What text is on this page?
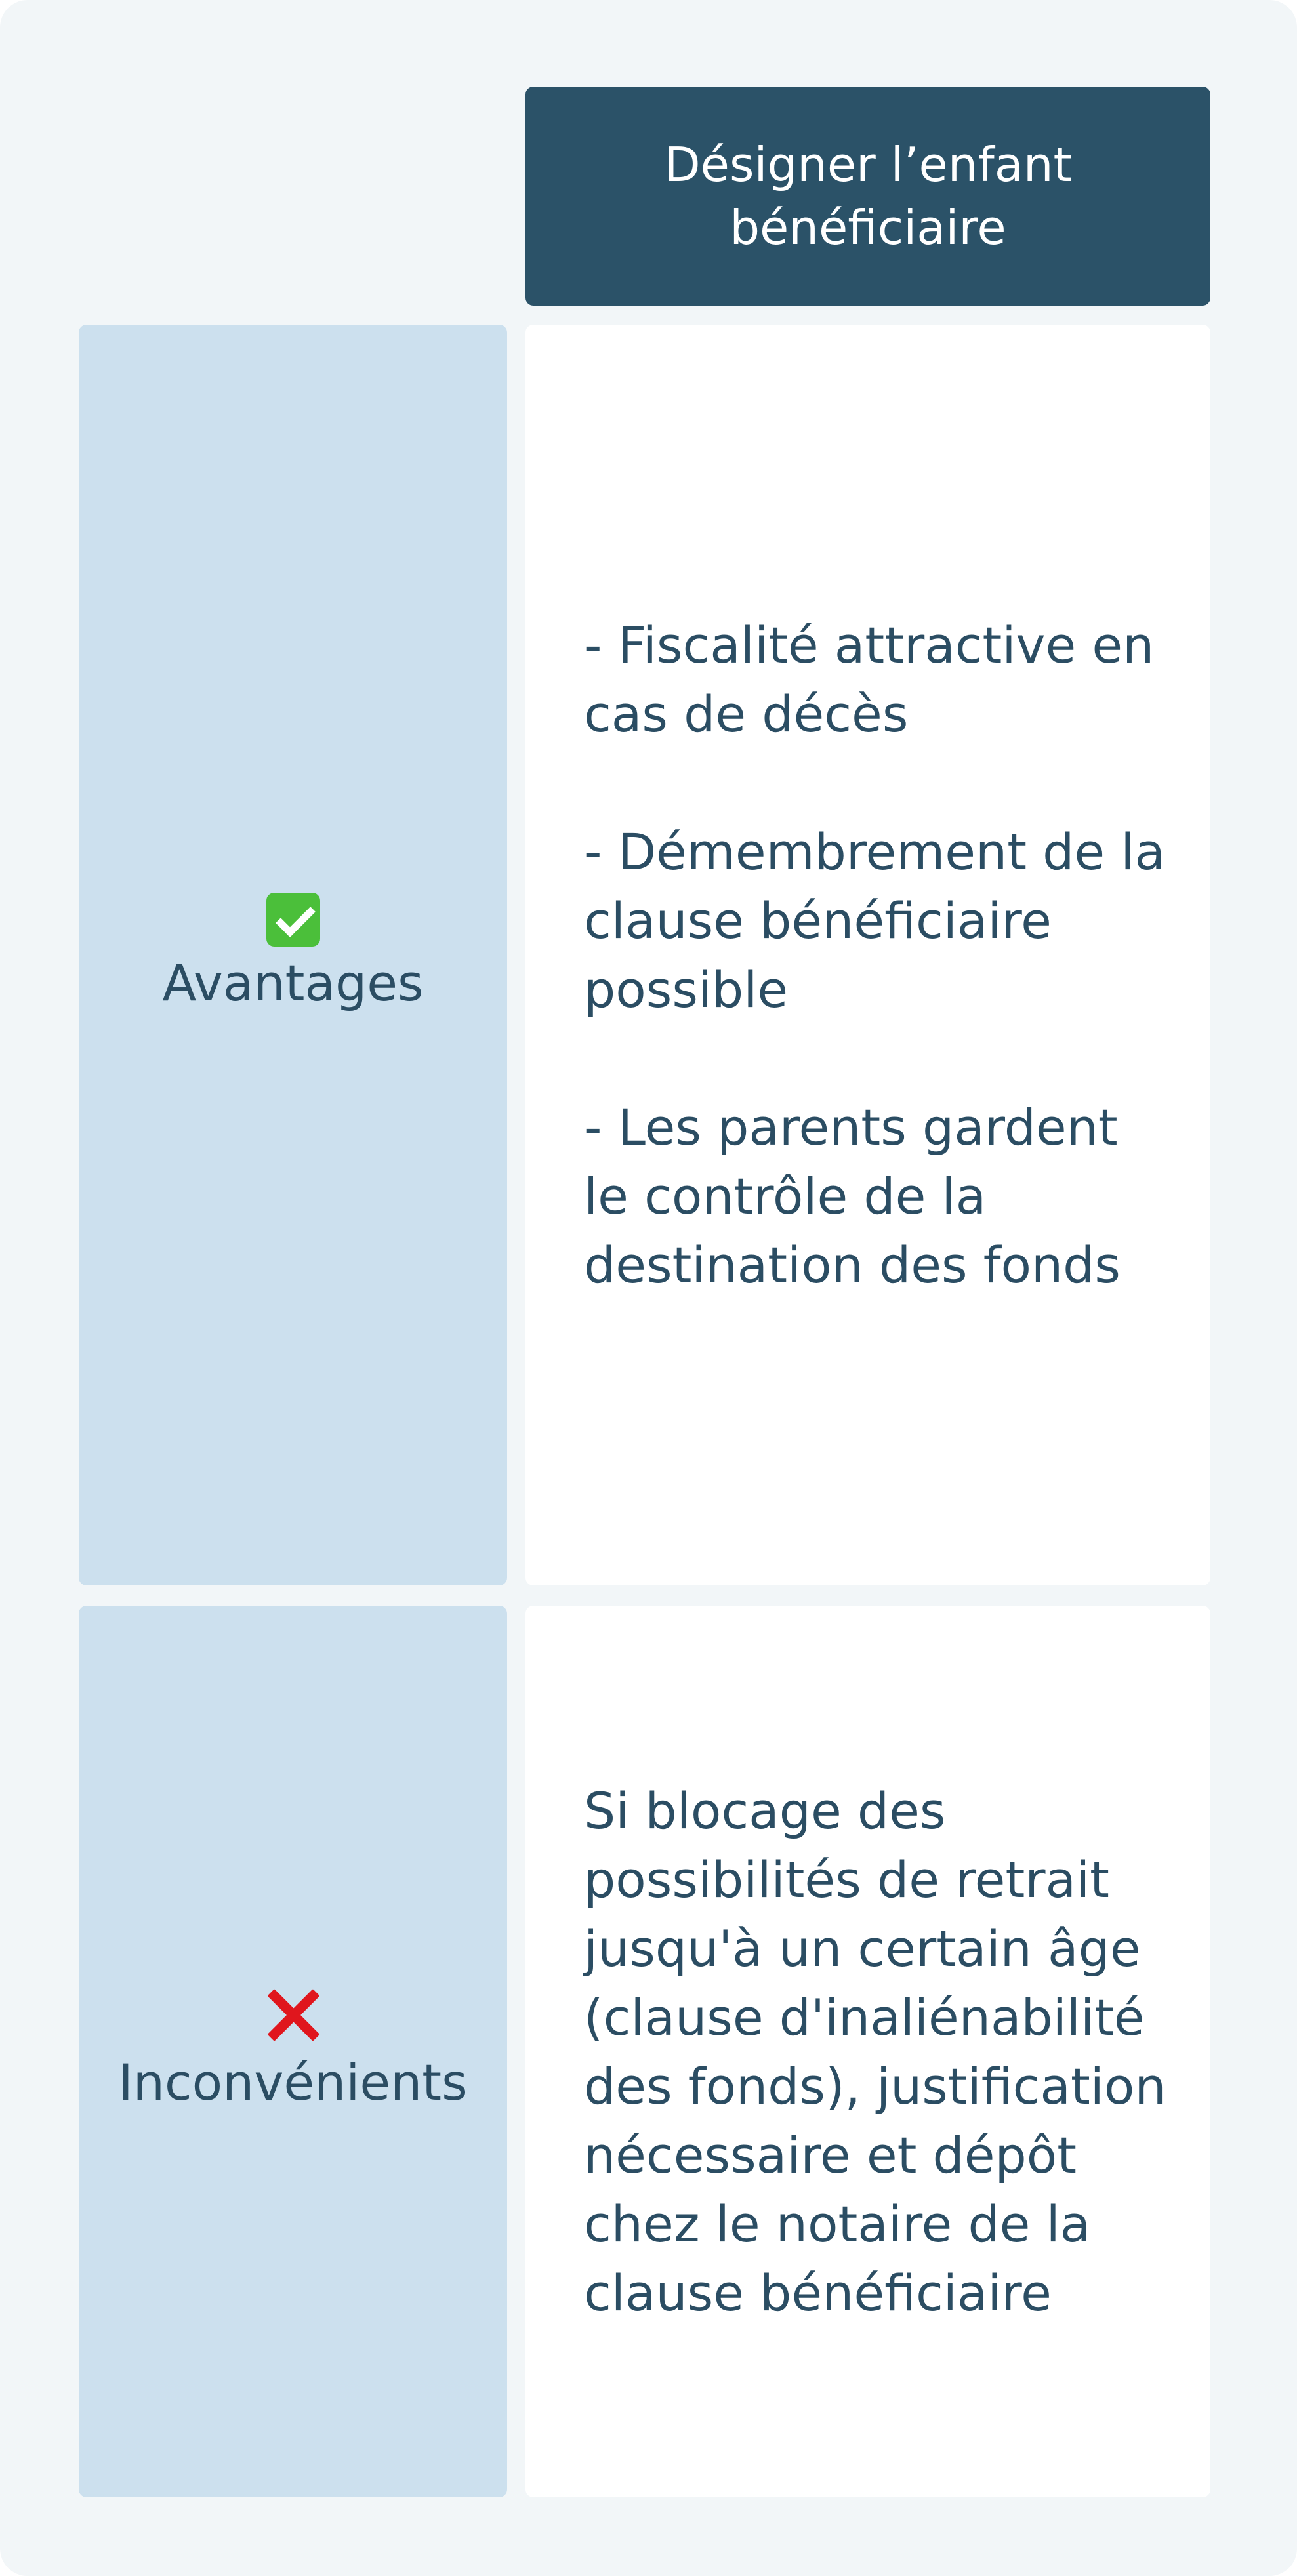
Désigner l’enfant bénéficiaire
Avantages
- Fiscalité attractive en cas de décès

- Démembrement de la clause bénéficiaire possible

- Les parents gardent le contrôle de la destination des fonds
Inconvénients
Si blocage des possibilités de retrait jusqu'à un certain âge (clause d'inaliénabilité des fonds), justification nécessaire et dépôt chez le notaire de la clause bénéficiaire
